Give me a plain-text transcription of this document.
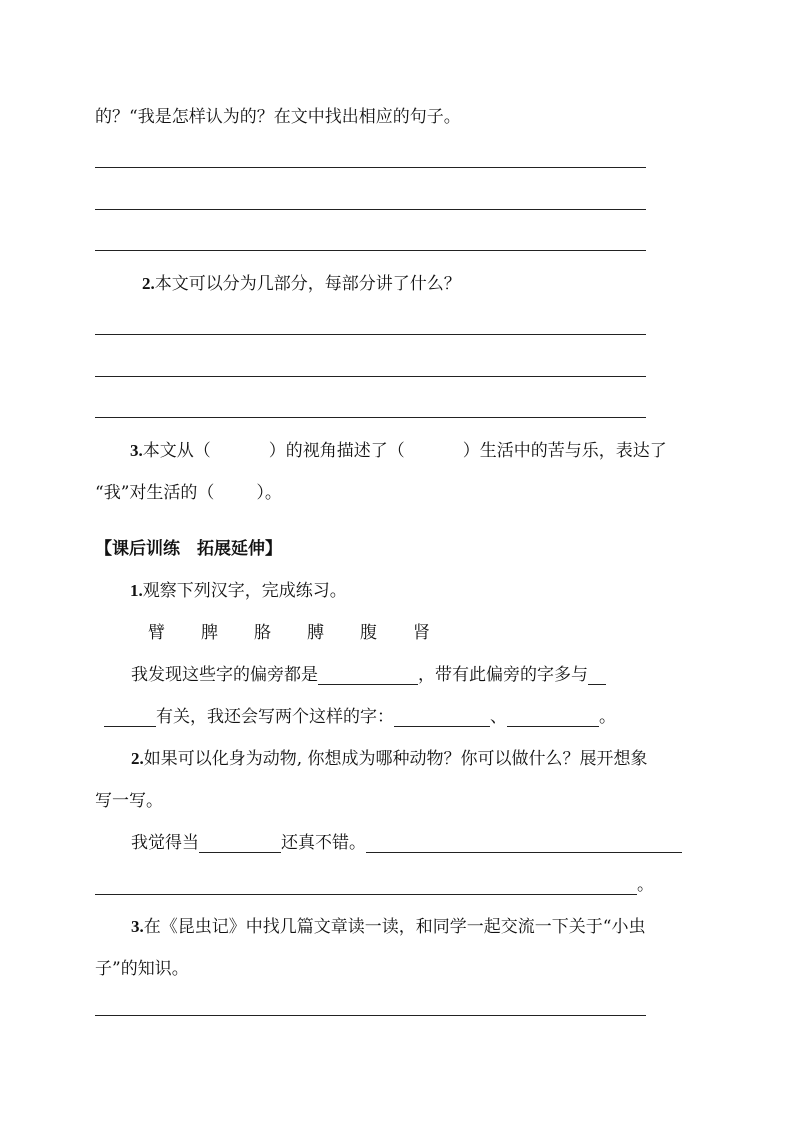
的？“我是怎样认为的？在文中找出相应的句子。
2.本文可以分为几部分，每部分讲了什么？
3.本文从（	）的视角描述了（	）生活中的苦与乐，表达了
“我”对生活的（ ）。
【课后训练　拓展延伸】
1.观察下列汉字，完成练习。
臂 脾 胳 膊 腹 肾
我发现这些字的偏旁都是	，带有此偏旁的字多与
有关，我还会写两个这样的字：	、	。
2.如果可以化身为动物, 你想成为哪种动物？你可以做什么？展开想象
写一写。
我觉得当	还真不错。
。
3.在《昆虫记》中找几篇文章读一读，和同学一起交流一下关于“小虫
子”的知识。
